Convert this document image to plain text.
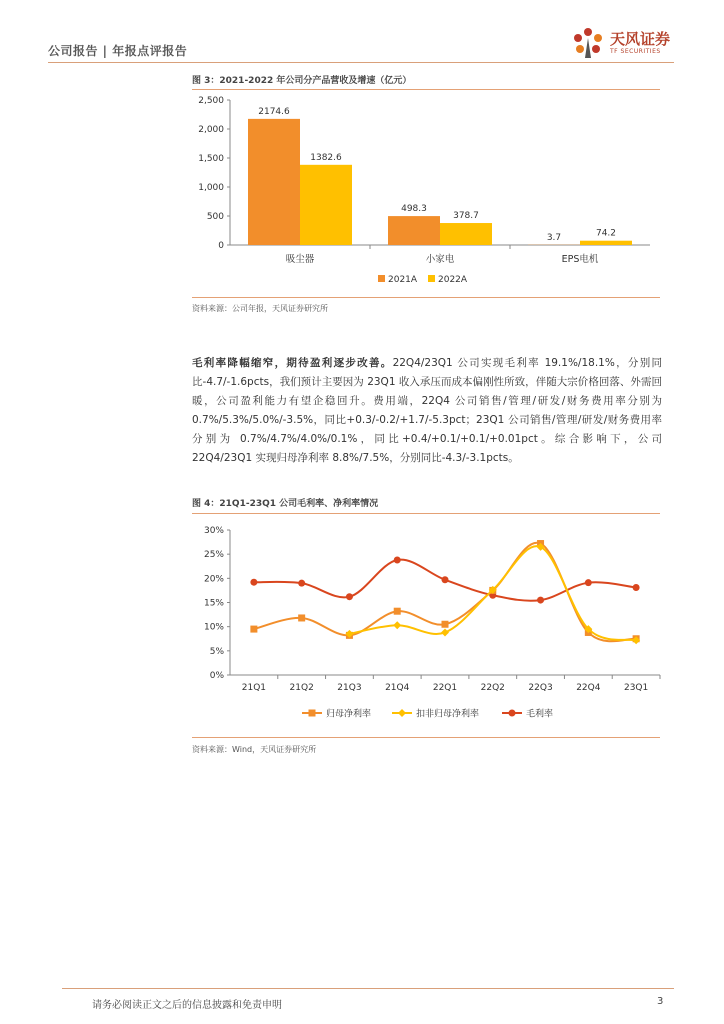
公司报告 | 年报点评报告
天风证券
TF SECURITIES
图 3：2021-2022 年公司分产品营收及增速（亿元）
0
500
1,000
1,500
2,000
2,500
2174.6
1382.6
吸尘器
498.3
378.7
小家电
3.7	74.2
EPS电机
2021A 2022A
资料来源：公司年报，天风证券研究所
毛利率降幅缩窄，期待盈利逐步改善。22Q4/23Q1 公司实现毛利率 19.1%/18.1%，分别同比-4.7/-1.6pcts，我们预计主要因为 23Q1 收入承压而成本偏刚性所致，伴随大宗价格回落、外需回暖，公司盈利能力有望企稳回升。费用端，22Q4 公司销售/管理/研发/财务费用率分别为 0.7%/5.3%/5.0%/-3.5%，同比+0.3/-0.2/+1.7/-5.3pct；23Q1 公司销售/管理/研发/财务费用率分别为 0.7%/4.7%/4.0%/0.1%，同比+0.4/+0.1/+0.1/+0.01pct。综合影响下，公司 22Q4/23Q1 实现归母净利率 8.8%/7.5%，分别同比-4.3/-3.1pcts。
图 4：21Q1-23Q1 公司毛利率、净利率情况
0%
5%
10%
15%
20%
25%
30%
21Q1	21Q2	21Q3	21Q4	22Q1	22Q2	22Q3	22Q4	23Q1
归母净利率	扣非归母净利率	毛利率
资料来源：Wind，天风证券研究所
请务必阅读正文之后的信息披露和免责申明	3
